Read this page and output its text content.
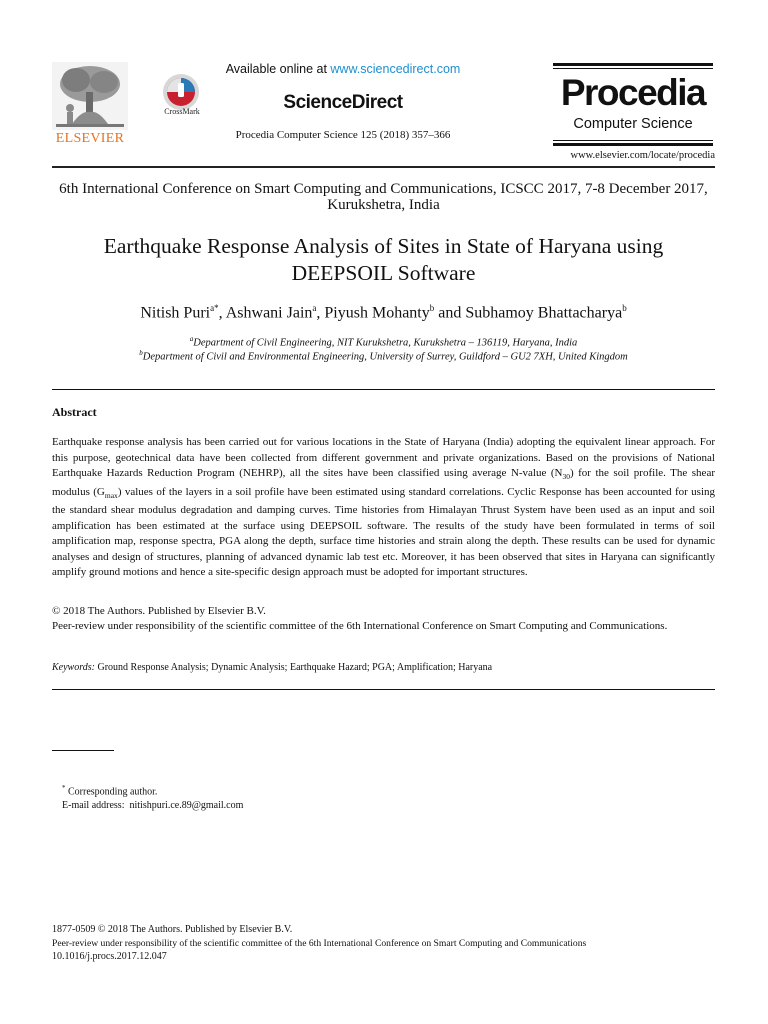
ELSEVIER
CrossMark
Available online at www.sciencedirect.com
ScienceDirect
Procedia Computer Science 125 (2018) 357–366
Procedia
Computer Science
www.elsevier.com/locate/procedia
6th International Conference on Smart Computing and Communications, ICSCC 2017, 7-8 December 2017, Kurukshetra, India
Earthquake Response Analysis of Sites in State of Haryana using
DEEPSOIL Software
Nitish Puri$^{a*}$, Ashwani Jain$^a$, Piyush Mohanty$^b$ and Subhamoy Bhattacharya$^b$
$^a$Department of Civil Engineering, NIT Kurukshetra, Kurukshetra – 136119, Haryana, India
$^b$Department of Civil and Environmental Engineering, University of Surrey, Guildford – GU2 7XH, United Kingdom
Abstract
Earthquake response analysis has been carried out for various locations in the State of Haryana (India) adopting the equivalent linear approach. For this purpose, geotechnical data have been collected from different government and private organizations. Based on the provisions of National Earthquake Hazards Reduction Program (NEHRP), all the sites have been classified using average N-value $(N_{30})$ for the soil profile. The shear modulus $(G_{max})$ values of the layers in a soil profile have been estimated using standard correlations. Cyclic Response has been accounted for using the standard shear modulus degradation and damping curves. Time histories from Himalayan Thrust System have been used as an input and soil amplification has been estimated at the surface using DEEPSOIL software. The results of the study have been formulated in terms of soil amplification map, response spectra, PGA along the depth, surface time histories and strain along the depth. These results can be used for dynamic analyses and design of structures, planning of advanced dynamic lab test etc. Moreover, it has been observed that sites in Haryana can significantly amplify ground motions and hence a site-specific design approach must be adopted for important structures.
© 2018 The Authors. Published by Elsevier B.V.
Peer-review under responsibility of the scientific committee of the 6th International Conference on Smart Computing and Communications.
Keywords: Ground Response Analysis; Dynamic Analysis; Earthquake Hazard; PGA; Amplification; Haryana
* Corresponding author.
E-mail address: nitishpuri.ce.89@gmail.com
1877-0509 © 2018 The Authors. Published by Elsevier B.V.
Peer-review under responsibility of the scientific committee of the 6th International Conference on Smart Computing and Communications
10.1016/j.procs.2017.12.047
